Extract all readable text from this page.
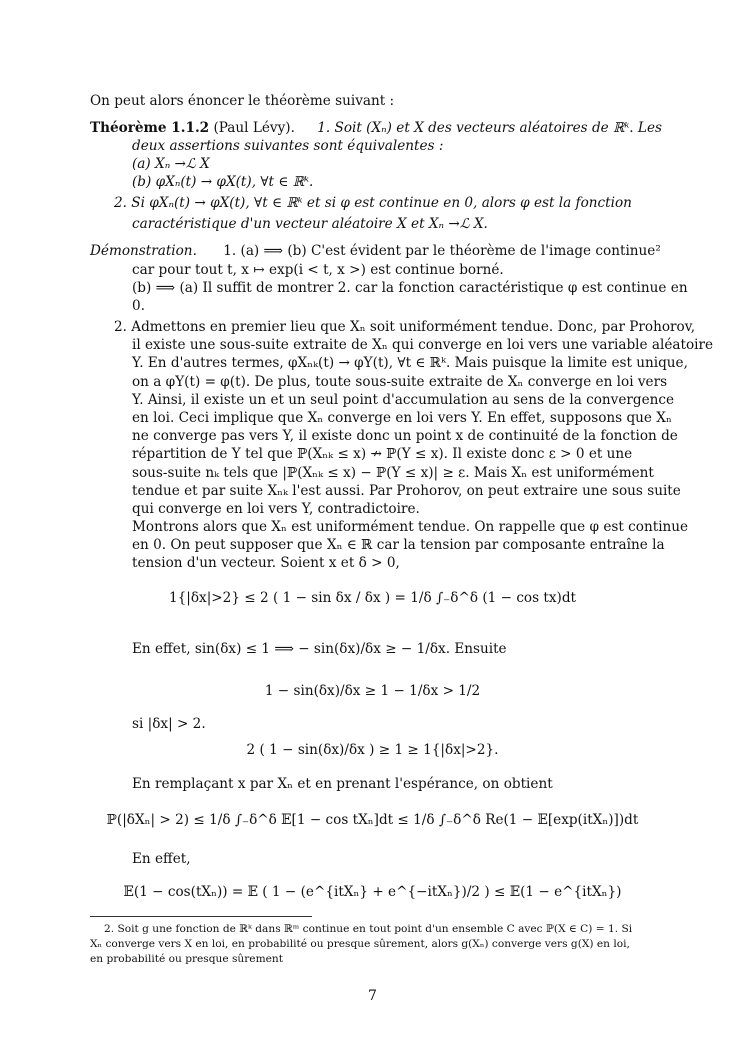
On peut alors énoncer le théorème suivant :
Théorème 1.1.2 (Paul Lévy). 1. Soit (Xₙ) et X des vecteurs aléatoires de ℝᵏ. Les
deux assertions suivantes sont équivalentes :
(a) Xₙ →ℒ X
(b) φXₙ(t) → φX(t), ∀t ∈ ℝᵏ.
2. Si φXₙ(t) → φX(t), ∀t ∈ ℝᵏ et si φ est continue en 0, alors φ est la fonction
caractéristique d'un vecteur aléatoire X et Xₙ →ℒ X.
Démonstration. 1. (a) ⟹ (b) C'est évident par le théorème de l'image continue²
car pour tout t, x ↦ exp(i < t, x >) est continue borné.
(b) ⟹ (a) Il suffit de montrer 2. car la fonction caractéristique φ est continue en
0.
2. Admettons en premier lieu que Xₙ soit uniformément tendue. Donc, par Prohorov,
il existe une sous-suite extraite de Xₙ qui converge en loi vers une variable aléatoire
Y. En d'autres termes, φXₙₖ(t) → φY(t), ∀t ∈ ℝᵏ. Mais puisque la limite est unique,
on a φY(t) = φ(t). De plus, toute sous-suite extraite de Xₙ converge en loi vers
Y. Ainsi, il existe un et un seul point d'accumulation au sens de la convergence
en loi. Ceci implique que Xₙ converge en loi vers Y. En effet, supposons que Xₙ
ne converge pas vers Y, il existe donc un point x de continuité de la fonction de
répartition de Y tel que ℙ(Xₙₖ ≤ x) ↛ ℙ(Y ≤ x). Il existe donc ε > 0 et une
sous-suite nₖ tels que |ℙ(Xₙₖ ≤ x) − ℙ(Y ≤ x)| ≥ ε. Mais Xₙ est uniformément
tendue et par suite Xₙₖ l'est aussi. Par Prohorov, on peut extraire une sous suite
qui converge en loi vers Y, contradictoire.
Montrons alors que Xₙ est uniformément tendue. On rappelle que φ est continue
en 0. On peut supposer que Xₙ ∈ ℝ car la tension par composante entraîne la
tension d'un vecteur. Soient x et δ > 0,
1{|δx|>2} ≤ 2 ( 1 − sin δx / δx ) = 1/δ ∫₋δ^δ (1 − cos tx)dt
En effet, sin(δx) ≤ 1 ⟹ − sin(δx)/δx ≥ − 1/δx. Ensuite
1 − sin(δx)/δx ≥ 1 − 1/δx > 1/2
si |δx| > 2.
2 ( 1 − sin(δx)/δx ) ≥ 1 ≥ 1{|δx|>2}.
En remplaçant x par Xₙ et en prenant l'espérance, on obtient
ℙ(|δXₙ| > 2) ≤ 1/δ ∫₋δ^δ 𝔼[1 − cos tXₙ]dt ≤ 1/δ ∫₋δ^δ Re(1 − 𝔼[exp(itXₙ)])dt
En effet,
𝔼(1 − cos(tXₙ)) = 𝔼 ( 1 − (e^{itXₙ} + e^{−itXₙ})/2 ) ≤ 𝔼(1 − e^{itXₙ})
2. Soit g une fonction de ℝᵏ dans ℝᵐ continue en tout point d'un ensemble C avec ℙ(X ∈ C) = 1. Si
Xₙ converge vers X en loi, en probabilité ou presque sûrement, alors g(Xₙ) converge vers g(X) en loi,
en probabilité ou presque sûrement
7
